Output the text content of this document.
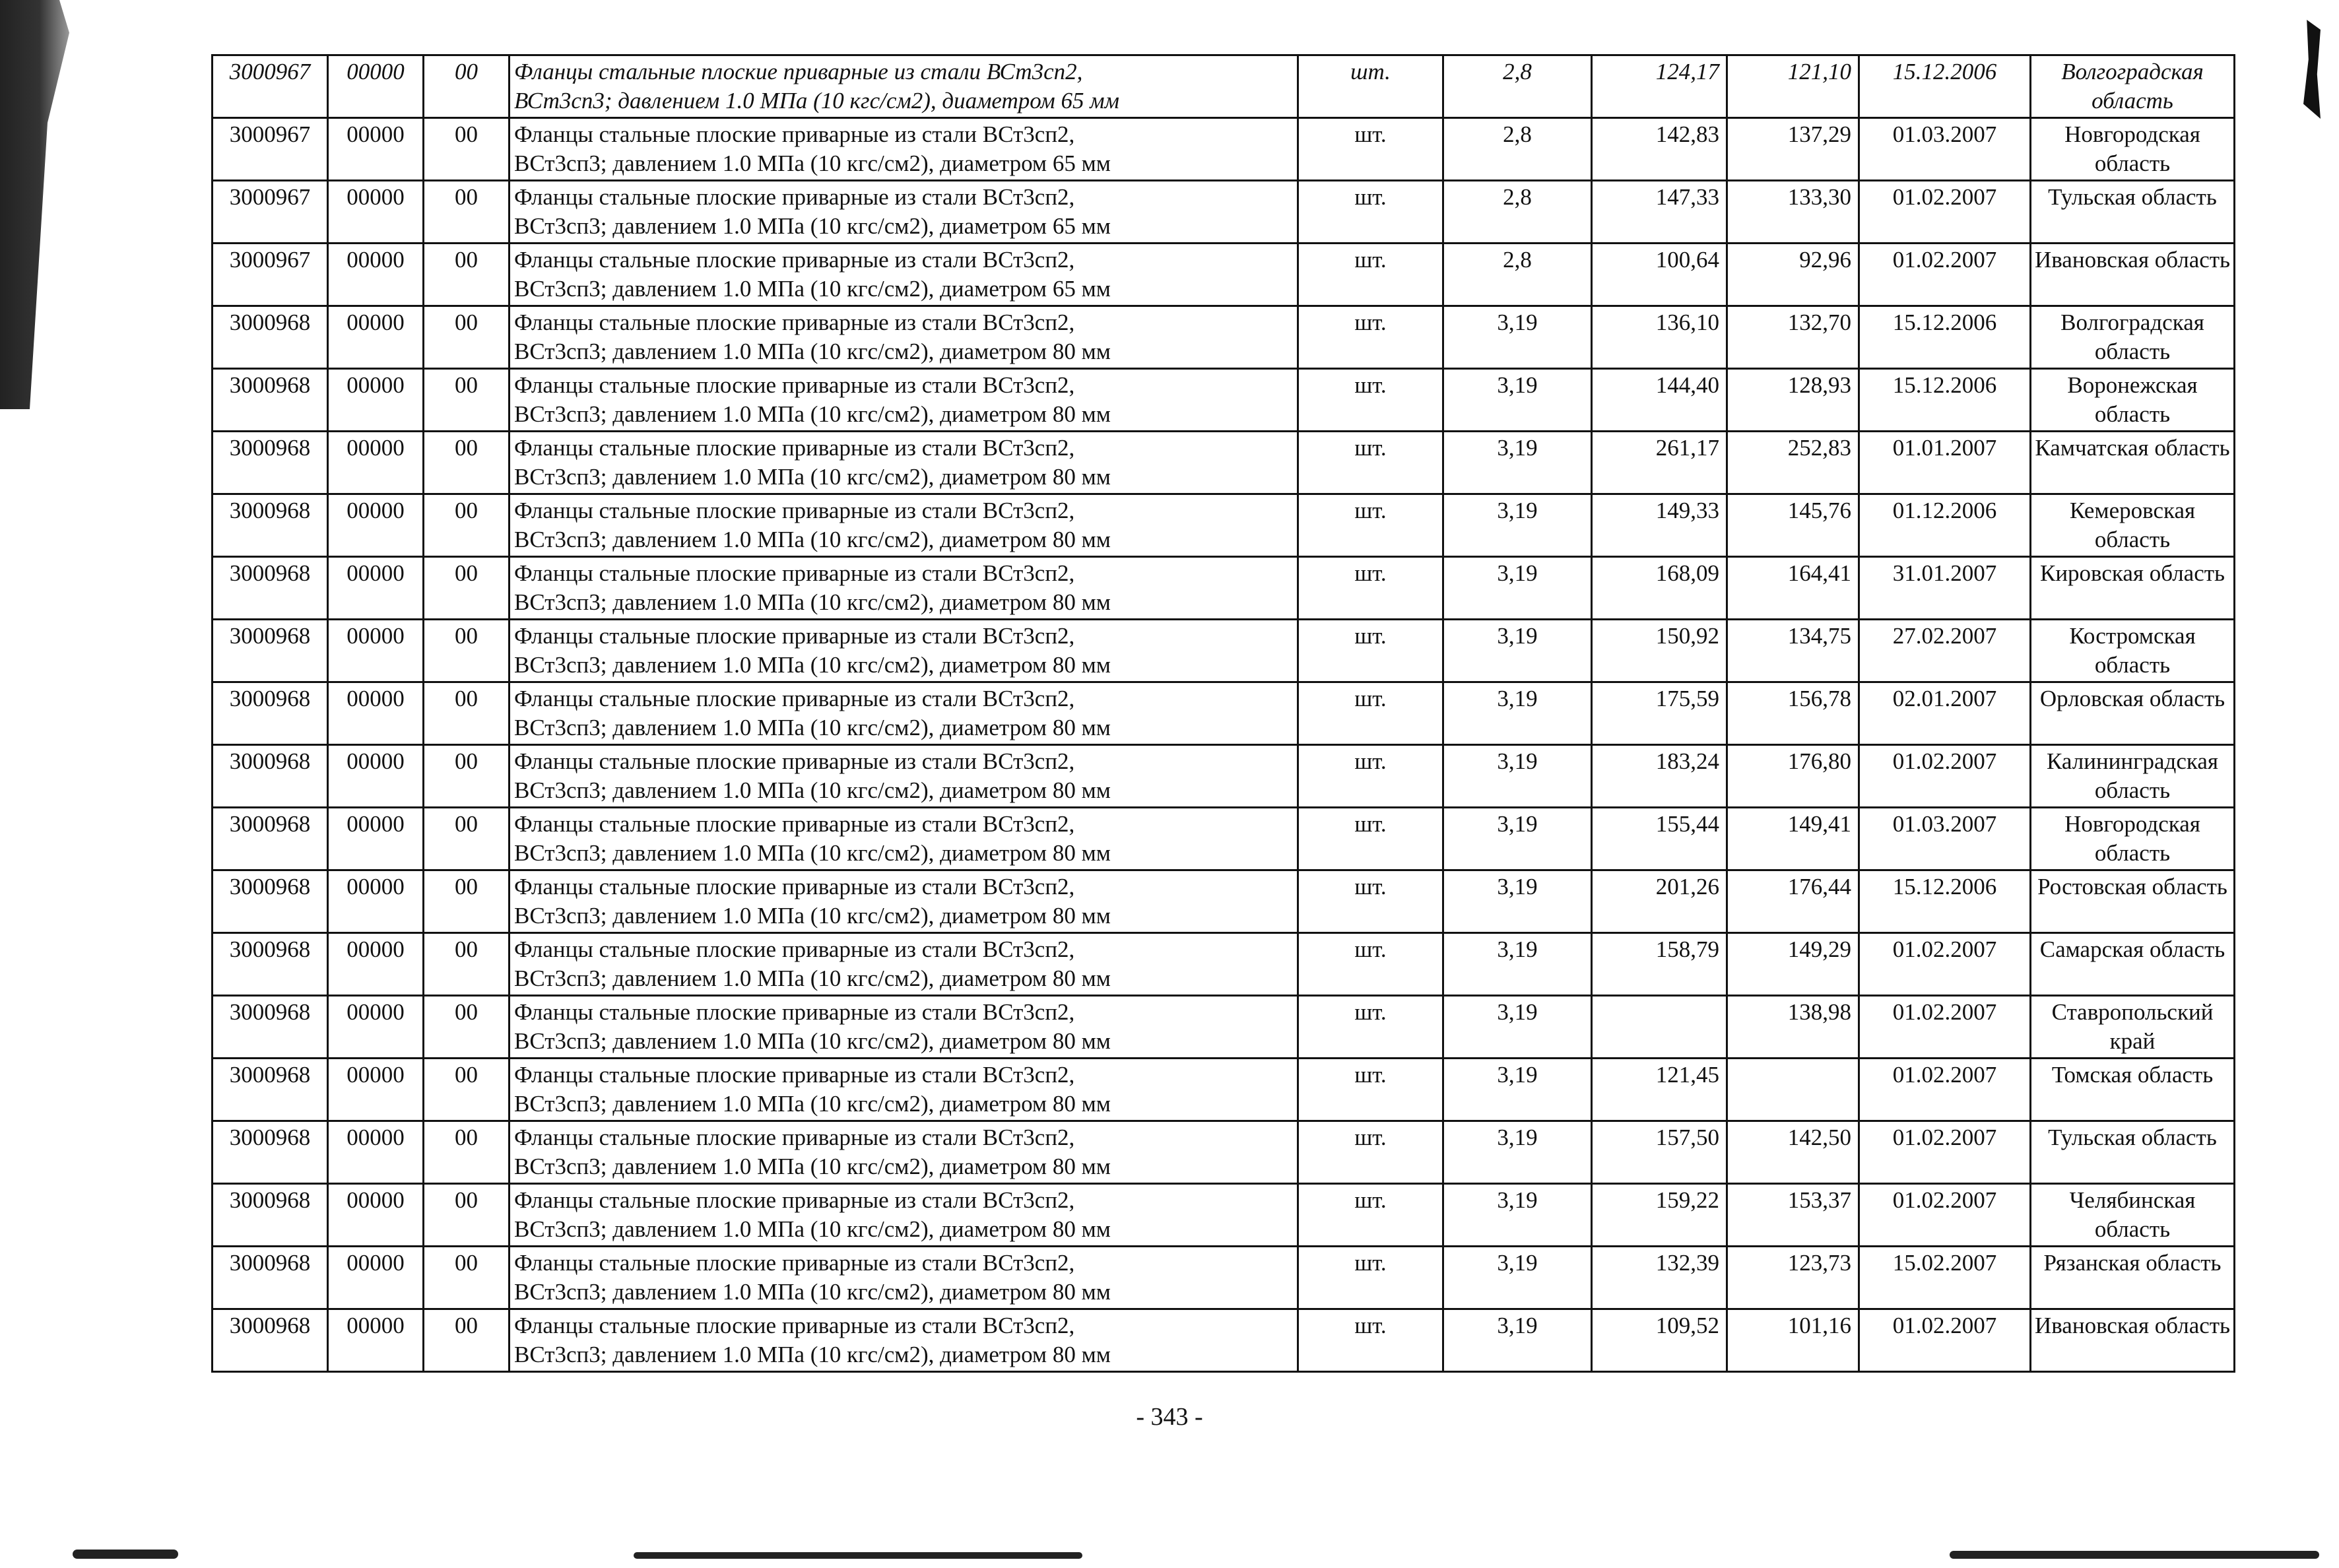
3000967	00000	00	Фланцы стальные плоские приварные из стали ВСт3сп2,
ВСт3сп3; давлением 1.0 МПа (10 кгс/см2), диаметром 65 мм	шт.	2,8	124,17	121,10	15.12.2006	Волгоградская область
3000967	00000	00	Фланцы стальные плоские приварные из стали ВСт3сп2,
ВСт3сп3; давлением 1.0 МПа (10 кгс/см2), диаметром 65 мм	шт.	2,8	142,83	137,29	01.03.2007	Новгородская область
3000967	00000	00	Фланцы стальные плоские приварные из стали ВСт3сп2,
ВСт3сп3; давлением 1.0 МПа (10 кгс/см2), диаметром 65 мм	шт.	2,8	147,33	133,30	01.02.2007	Тульская область
3000967	00000	00	Фланцы стальные плоские приварные из стали ВСт3сп2,
ВСт3сп3; давлением 1.0 МПа (10 кгс/см2), диаметром 65 мм	шт.	2,8	100,64	92,96	01.02.2007	Ивановская область
3000968	00000	00	Фланцы стальные плоские приварные из стали ВСт3сп2,
ВСт3сп3; давлением 1.0 МПа (10 кгс/см2), диаметром 80 мм	шт.	3,19	136,10	132,70	15.12.2006	Волгоградская область
3000968	00000	00	Фланцы стальные плоские приварные из стали ВСт3сп2,
ВСт3сп3; давлением 1.0 МПа (10 кгс/см2), диаметром 80 мм	шт.	3,19	144,40	128,93	15.12.2006	Воронежская область
3000968	00000	00	Фланцы стальные плоские приварные из стали ВСт3сп2,
ВСт3сп3; давлением 1.0 МПа (10 кгс/см2), диаметром 80 мм	шт.	3,19	261,17	252,83	01.01.2007	Камчатская область
3000968	00000	00	Фланцы стальные плоские приварные из стали ВСт3сп2,
ВСт3сп3; давлением 1.0 МПа (10 кгс/см2), диаметром 80 мм	шт.	3,19	149,33	145,76	01.12.2006	Кемеровская область
3000968	00000	00	Фланцы стальные плоские приварные из стали ВСт3сп2,
ВСт3сп3; давлением 1.0 МПа (10 кгс/см2), диаметром 80 мм	шт.	3,19	168,09	164,41	31.01.2007	Кировская область
3000968	00000	00	Фланцы стальные плоские приварные из стали ВСт3сп2,
ВСт3сп3; давлением 1.0 МПа (10 кгс/см2), диаметром 80 мм	шт.	3,19	150,92	134,75	27.02.2007	Костромская область
3000968	00000	00	Фланцы стальные плоские приварные из стали ВСт3сп2,
ВСт3сп3; давлением 1.0 МПа (10 кгс/см2), диаметром 80 мм	шт.	3,19	175,59	156,78	02.01.2007	Орловская область
3000968	00000	00	Фланцы стальные плоские приварные из стали ВСт3сп2,
ВСт3сп3; давлением 1.0 МПа (10 кгс/см2), диаметром 80 мм	шт.	3,19	183,24	176,80	01.02.2007	Калининградская область
3000968	00000	00	Фланцы стальные плоские приварные из стали ВСт3сп2,
ВСт3сп3; давлением 1.0 МПа (10 кгс/см2), диаметром 80 мм	шт.	3,19	155,44	149,41	01.03.2007	Новгородская область
3000968	00000	00	Фланцы стальные плоские приварные из стали ВСт3сп2,
ВСт3сп3; давлением 1.0 МПа (10 кгс/см2), диаметром 80 мм	шт.	3,19	201,26	176,44	15.12.2006	Ростовская область
3000968	00000	00	Фланцы стальные плоские приварные из стали ВСт3сп2,
ВСт3сп3; давлением 1.0 МПа (10 кгс/см2), диаметром 80 мм	шт.	3,19	158,79	149,29	01.02.2007	Самарская область
3000968	00000	00	Фланцы стальные плоские приварные из стали ВСт3сп2,
ВСт3сп3; давлением 1.0 МПа (10 кгс/см2), диаметром 80 мм	шт.	3,19		138,98	01.02.2007	Ставропольский край
3000968	00000	00	Фланцы стальные плоские приварные из стали ВСт3сп2,
ВСт3сп3; давлением 1.0 МПа (10 кгс/см2), диаметром 80 мм	шт.	3,19	121,45		01.02.2007	Томская область
3000968	00000	00	Фланцы стальные плоские приварные из стали ВСт3сп2,
ВСт3сп3; давлением 1.0 МПа (10 кгс/см2), диаметром 80 мм	шт.	3,19	157,50	142,50	01.02.2007	Тульская область
3000968	00000	00	Фланцы стальные плоские приварные из стали ВСт3сп2,
ВСт3сп3; давлением 1.0 МПа (10 кгс/см2), диаметром 80 мм	шт.	3,19	159,22	153,37	01.02.2007	Челябинская область
3000968	00000	00	Фланцы стальные плоские приварные из стали ВСт3сп2,
ВСт3сп3; давлением 1.0 МПа (10 кгс/см2), диаметром 80 мм	шт.	3,19	132,39	123,73	15.02.2007	Рязанская область
3000968	00000	00	Фланцы стальные плоские приварные из стали ВСт3сп2,
ВСт3сп3; давлением 1.0 МПа (10 кгс/см2), диаметром 80 мм	шт.	3,19	109,52	101,16	01.02.2007	Ивановская область
- 343 -
